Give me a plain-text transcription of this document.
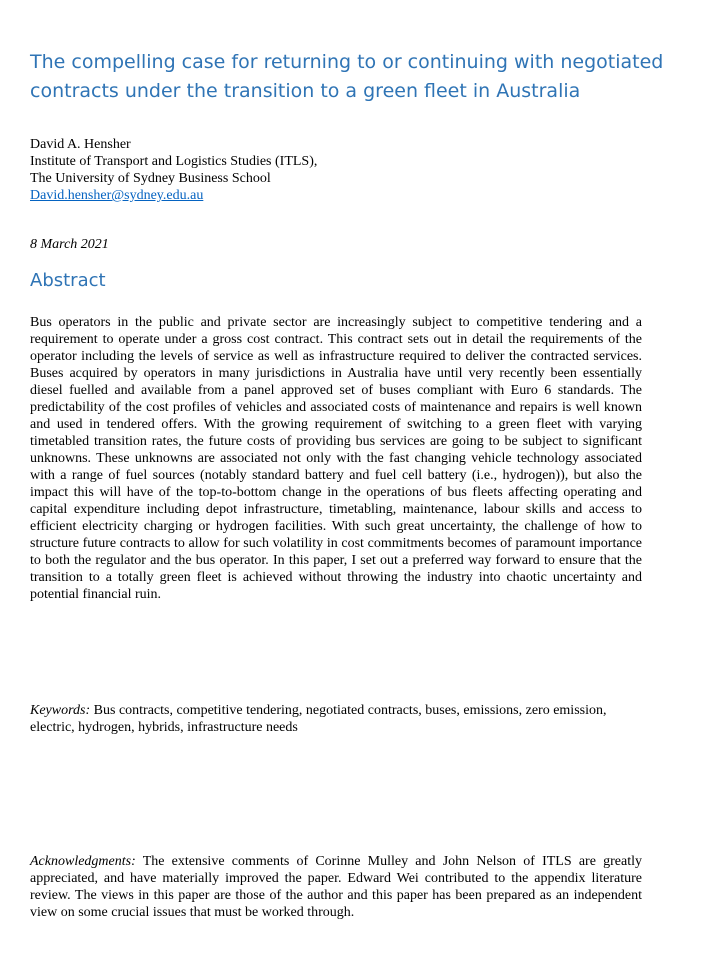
The compelling case for returning to or continuing with negotiated contracts under the transition to a green fleet in Australia
David A. Hensher
Institute of Transport and Logistics Studies (ITLS),
The University of Sydney Business School
David.hensher@sydney.edu.au
8 March 2021
Abstract

Bus operators in the public and private sector are increasingly subject to competitive tendering and a requirement to operate under a gross cost contract. This contract sets out in detail the requirements of the operator including the levels of service as well as infrastructure required to deliver the contracted services. Buses acquired by operators in many jurisdictions in Australia have until very recently been essentially diesel fuelled and available from a panel approved set of buses compliant with Euro 6 standards. The predictability of the cost profiles of vehicles and associated costs of maintenance and repairs is well known and used in tendered offers. With the growing requirement of switching to a green fleet with varying timetabled transition rates, the future costs of providing bus services are going to be subject to significant unknowns. These unknowns are associated not only with the fast changing vehicle technology associated with a range of fuel sources (notably standard battery and fuel cell battery (i.e., hydrogen)), but also the impact this will have of the top-to-bottom change in the operations of bus fleets affecting operating and capital expenditure including depot infrastructure, timetabling, maintenance, labour skills and access to efficient electricity charging or hydrogen facilities. With such great uncertainty, the challenge of how to structure future contracts to allow for such volatility in cost commitments becomes of paramount importance to both the regulator and the bus operator. In this paper, I set out a preferred way forward to ensure that the transition to a totally green fleet is achieved without throwing the industry into chaotic uncertainty and potential financial ruin.

Keywords: Bus contracts, competitive tendering, negotiated contracts, buses, emissions, zero emission, electric, hydrogen, hybrids, infrastructure needs

Acknowledgments: The extensive comments of Corinne Mulley and John Nelson of ITLS are greatly appreciated, and have materially improved the paper. Edward Wei contributed to the appendix literature review. The views in this paper are those of the author and this paper has been prepared as an independent view on some crucial issues that must be worked through.
